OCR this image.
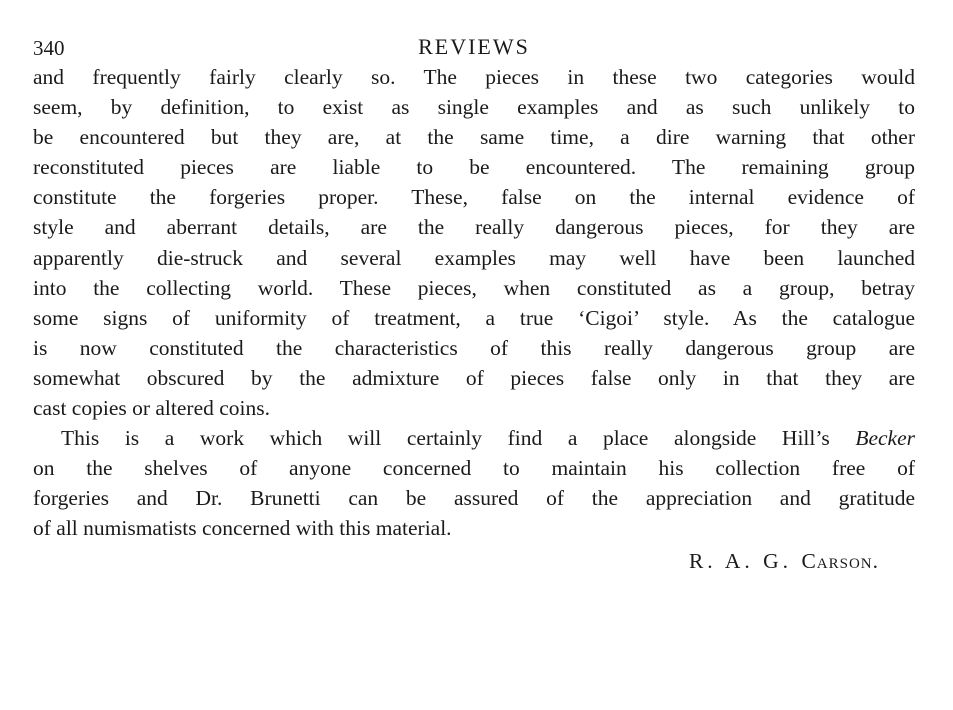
340	REVIEWS
and frequently fairly clearly so. The pieces in these two categories would
seem, by definition, to exist as single examples and as such unlikely to
be encountered but they are, at the same time, a dire warning that other
reconstituted pieces are liable to be encountered. The remaining group
constitute the forgeries proper. These, false on the internal evidence of
style and aberrant details, are the really dangerous pieces, for they are
apparently die-struck and several examples may well have been launched
into the collecting world. These pieces, when constituted as a group, betray
some signs of uniformity of treatment, a true ‘Cigoi’ style. As the catalogue
is now constituted the characteristics of this really dangerous group are
somewhat obscured by the admixture of pieces false only in that they are
cast copies or altered coins.
This is a work which will certainly find a place alongside Hill’s Becker
on the shelves of anyone concerned to maintain his collection free of
forgeries and Dr. Brunetti can be assured of the appreciation and gratitude
of all numismatists concerned with this material.
R. A. G. Carson.
